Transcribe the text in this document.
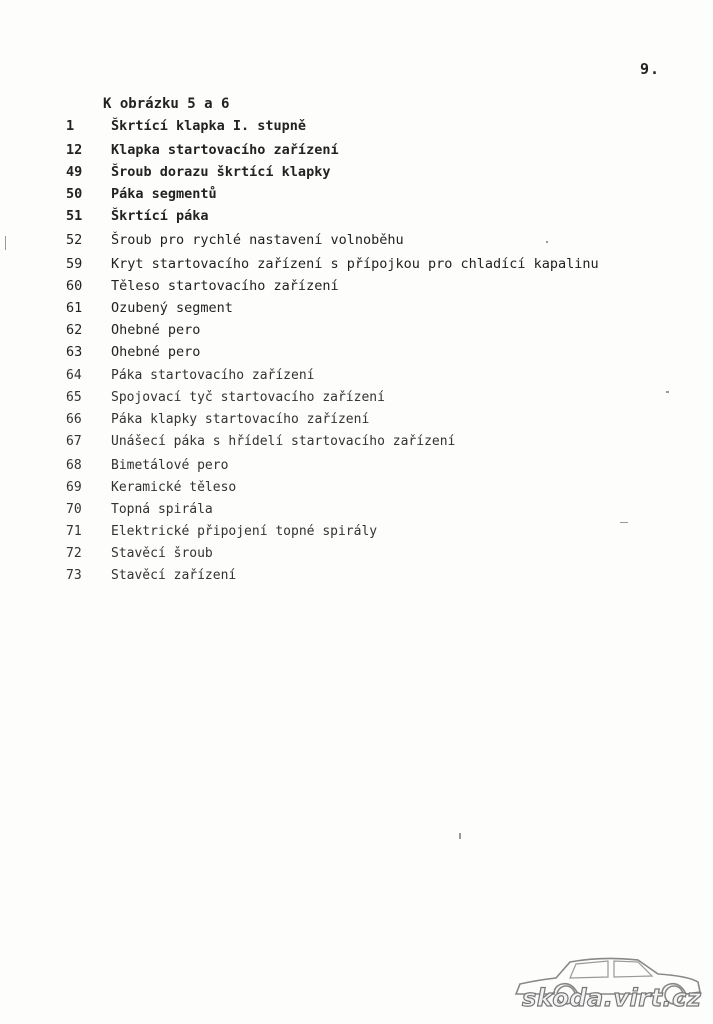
9.
K obrázku 5 a 6
1	Škrtící klapka I. stupně
12	Klapka startovacího zařízení
49	Šroub dorazu škrtící klapky
50	Páka segmentů
51	Škrtící páka
52	Šroub pro rychlé nastavení volnoběhu
59	Kryt startovacího zařízení s přípojkou pro chladící kapalinu
60	Těleso startovacího zařízení
61	Ozubený segment
62	Ohebné pero
63	Ohebné pero
64	Páka startovacího zařízení
65	Spojovací tyč startovacího zařízení
66	Páka klapky startovacího zařízení
67	Unášecí páka s hřídelí startovacího zařízení
68	Bimetálové pero
69	Keramické těleso
70	Topná spirála
71	Elektrické připojení topné spirály
72	Stavěcí šroub
73	Stavěcí zařízení
skoda.virt.cz
